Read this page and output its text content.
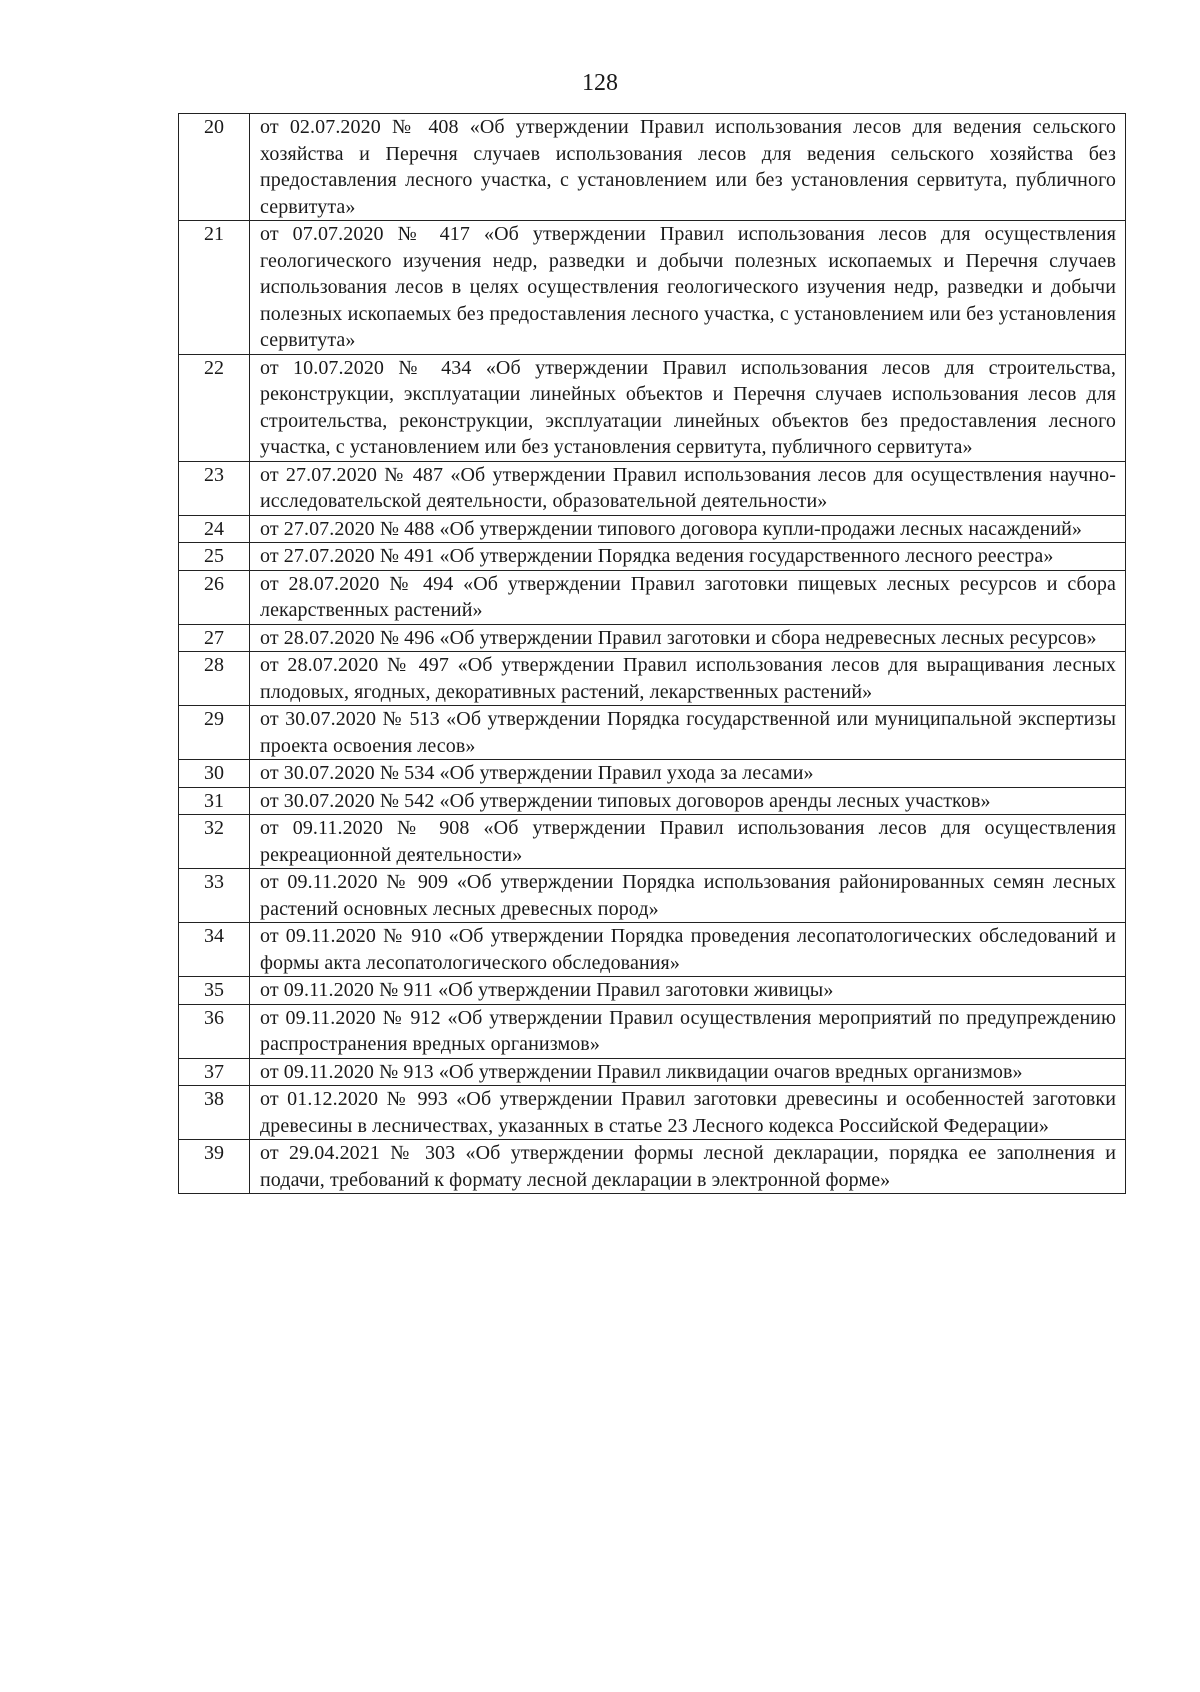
128
20	от 02.07.2020 № 408 «Об утверждении Правил использования лесов для ведения сельского хозяйства и Перечня случаев использования лесов для ведения сельского хозяйства без предоставления лесного участка, с установлением или без установления сервитута, публичного сервитута»
21	от 07.07.2020 № 417 «Об утверждении Правил использования лесов для осуществления геологического изучения недр, разведки и добычи полезных ископаемых и Перечня случаев использования лесов в целях осуществления геологического изучения недр, разведки и добычи полезных ископаемых без предоставления лесного участка, с установлением или без установления сервитута»
22	от 10.07.2020 № 434 «Об утверждении Правил использования лесов для строительства, реконструкции, эксплуатации линейных объектов и Перечня случаев использования лесов для строительства, реконструкции, эксплуатации линейных объектов без предоставления лесного участка, с установлением или без установления сервитута, публичного сервитута»
23	от 27.07.2020 № 487 «Об утверждении Правил использования лесов для осуществления научно-исследовательской деятельности, образовательной деятельности»
24	от 27.07.2020 № 488 «Об утверждении типового договора купли-продажи лесных насаждений»
25	от 27.07.2020 № 491 «Об утверждении Порядка ведения государственного лесного реестра»
26	от 28.07.2020 № 494 «Об утверждении Правил заготовки пищевых лесных ресурсов и сбора лекарственных растений»
27	от 28.07.2020 № 496 «Об утверждении Правил заготовки и сбора недревесных лесных ресурсов»
28	от 28.07.2020 № 497 «Об утверждении Правил использования лесов для выращивания лесных плодовых, ягодных, декоративных растений, лекарственных растений»
29	от 30.07.2020 № 513 «Об утверждении Порядка государственной или муниципальной экспертизы проекта освоения лесов»
30	от 30.07.2020 № 534 «Об утверждении Правил ухода за лесами»
31	от 30.07.2020 № 542 «Об утверждении типовых договоров аренды лесных участков»
32	от 09.11.2020 № 908 «Об утверждении Правил использования лесов для осуществления рекреационной деятельности»
33	от 09.11.2020 № 909 «Об утверждении Порядка использования районированных семян лесных растений основных лесных древесных пород»
34	от 09.11.2020 № 910 «Об утверждении Порядка проведения лесопатологических обследований и формы акта лесопатологического обследования»
35	от 09.11.2020 № 911 «Об утверждении Правил заготовки живицы»
36	от 09.11.2020 № 912 «Об утверждении Правил осуществления мероприятий по предупреждению распространения вредных организмов»
37	от 09.11.2020 № 913 «Об утверждении Правил ликвидации очагов вредных организмов»
38	от 01.12.2020 № 993 «Об утверждении Правил заготовки древесины и особенностей заготовки древесины в лесничествах, указанных в статье 23 Лесного кодекса Российской Федерации»
39	от 29.04.2021 № 303 «Об утверждении формы лесной декларации, порядка ее заполнения и подачи, требований к формату лесной декларации в электронной форме»
